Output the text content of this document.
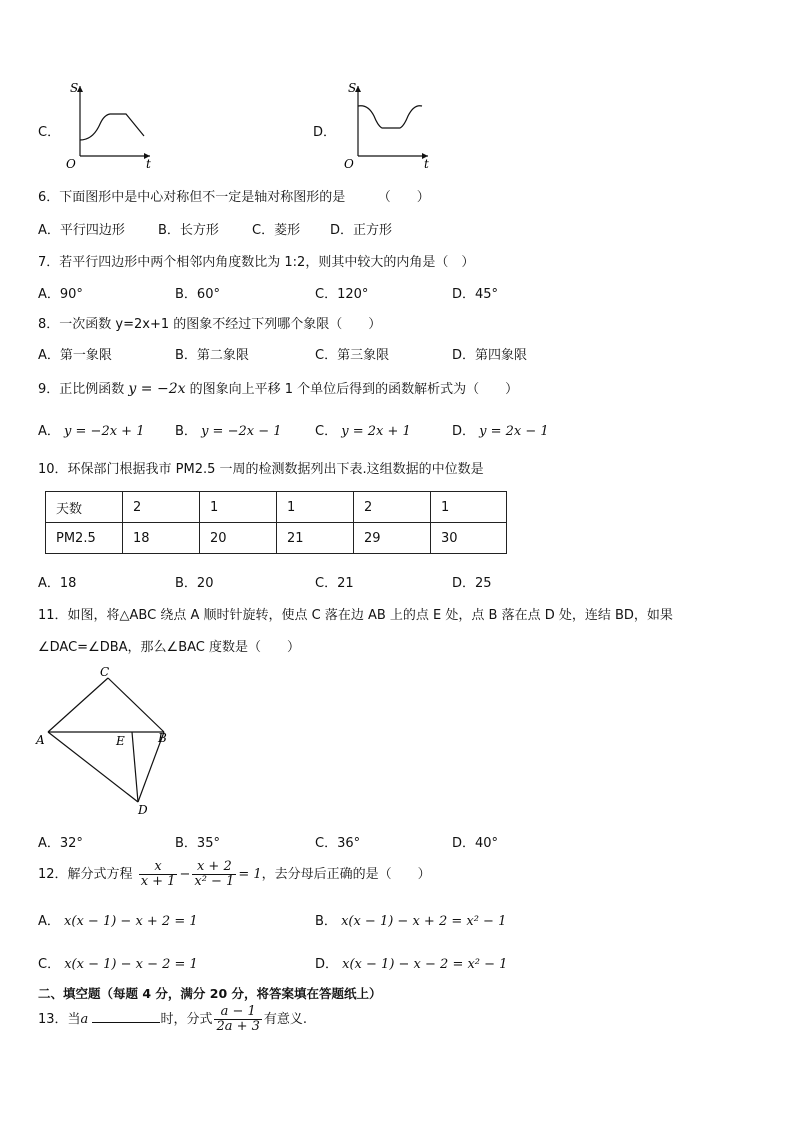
C．
S
t
O
D．
S
t
O
6．下面图形中是中心对称但不一定是轴对称图形的是　　　（　　）
A．平行四边形	B．长方形	C．菱形 D．正方形
7．若平行四边形中两个相邻内角度数比为 1:2，则其中较大的内角是（　）
A．90°	B．60°	C．120°	D．45°
8．一次函数 y=2x+1 的图象不经过下列哪个象限（　　）
A．第一象限	B．第二象限	C．第三象限	D．第四象限
9．正比例函数 y = −2x 的图象向上平移 1 个单位后得到的函数解析式为（　　）
A． y = −2x + 1 B． y = −2x − 1	C． y = 2x + 1	D． y = 2x − 1
10．环保部门根据我市 PM2.5 一周的检测数据列出下表.这组数据的中位数是
天数	2	1	1	2	1
PM2.5	18	20	21	29	30
A．18	B．20	C．21	D．25
11．如图，将△ABC 绕点 A 顺时针旋转，使点 C 落在边 AB 上的点 E 处，点 B 落在点 D 处，连结 BD，如果
∠DAC=∠DBA，那么∠BAC 度数是（　　）
A
C
B
E
D
A．32°	B．35°	C．36°	D．40°
12．解分式方程 $\frac{x}{x + 1} - \frac{x + 2}{\text{x² − 1}} = 1$，去分母后正确的是（　　）
A． x(x − 1) − x + 2 = 1	B． x(x − 1) − x + 2 = x² − 1
C． x(x − 1) − x − 2 = 1	D． x(x − 1) − x − 2 = x² − 1
二、填空题（每题 4 分，满分 20 分，将答案填在答题纸上）
13．当a	时，分式 $\frac{a - 1}{2a + 3}$ 有意义.
